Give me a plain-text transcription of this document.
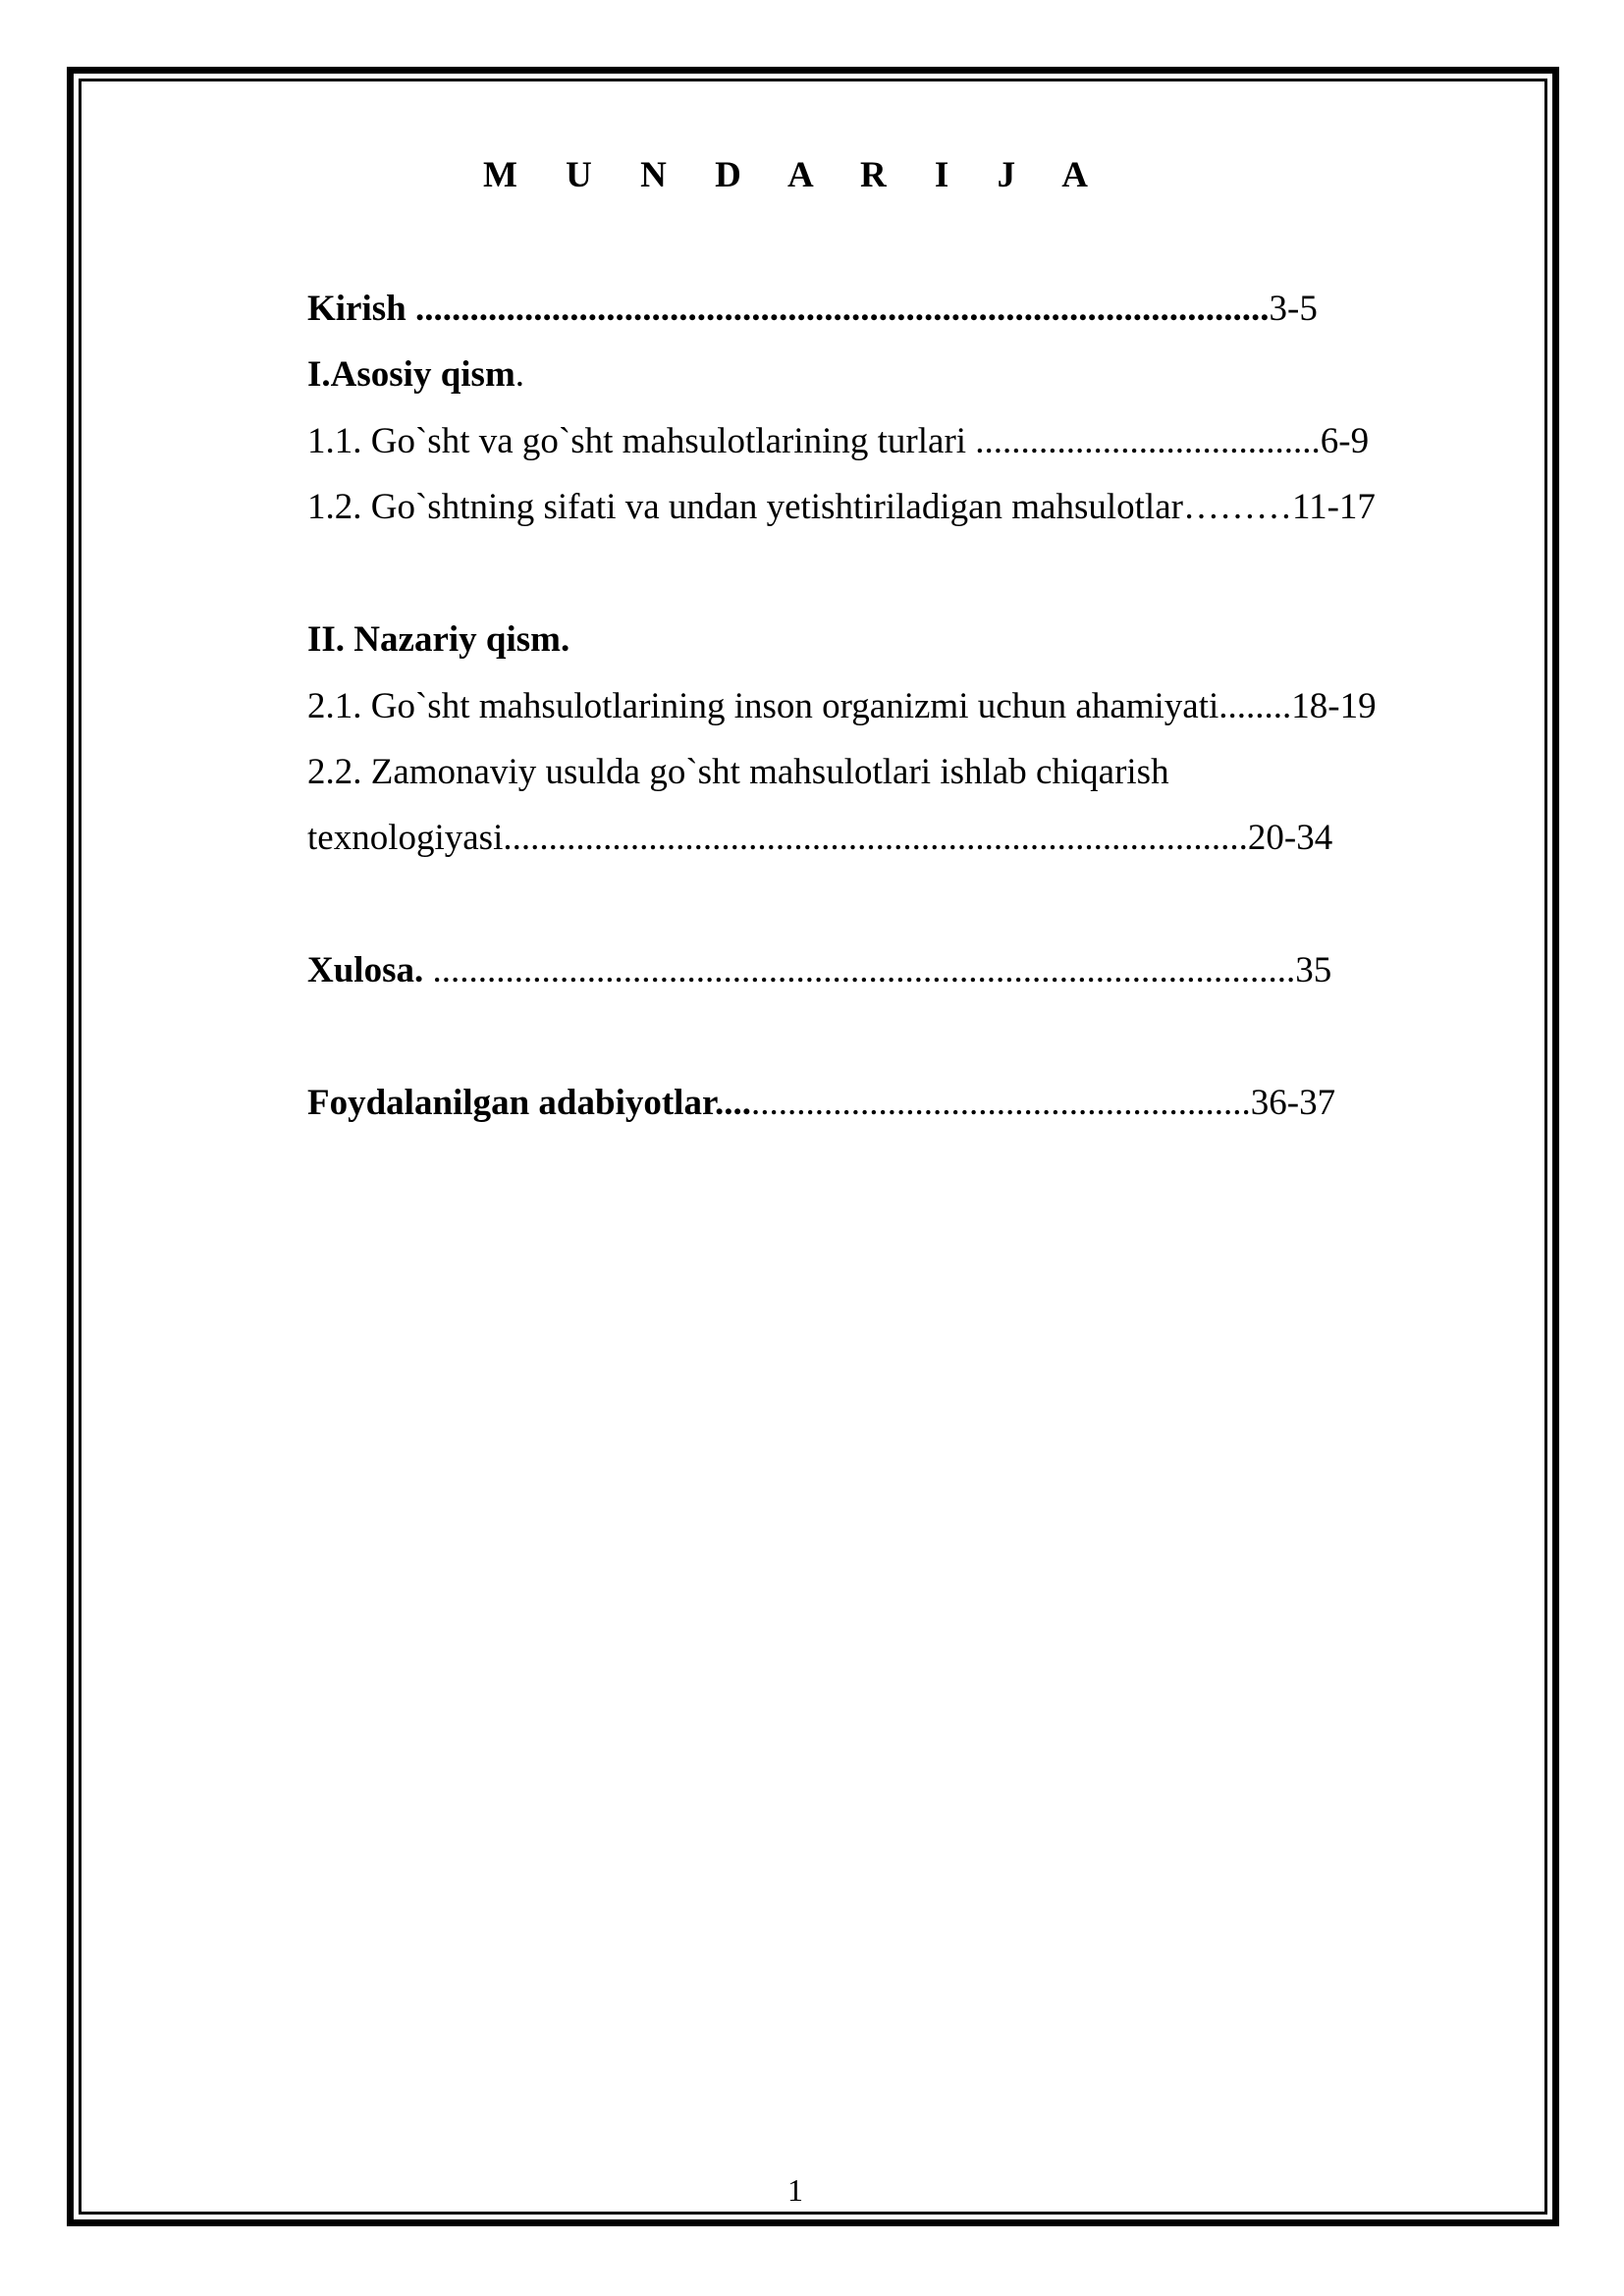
M U N D A R I J A
Kirish ..............................................................................................3-5
I.Asosiy qism.
1.1. Go`sht va go`sht mahsulotlarining turlari ......................................6-9
1.2. Go`shtning sifati va undan yetishtiriladigan mahsulotlar………11-17
II. Nazariy qism.
2.1. Go`sht mahsulotlarining inson organizmi uchun ahamiyati........18-19
2.2. Zamonaviy usulda go`sht mahsulotlari ishlab chiqarish
texnologiyasi..................................................................................20-34
Xulosa. ...............................................................................................35
Foydalanilgan adabiyotlar...........................................................36-37
1
